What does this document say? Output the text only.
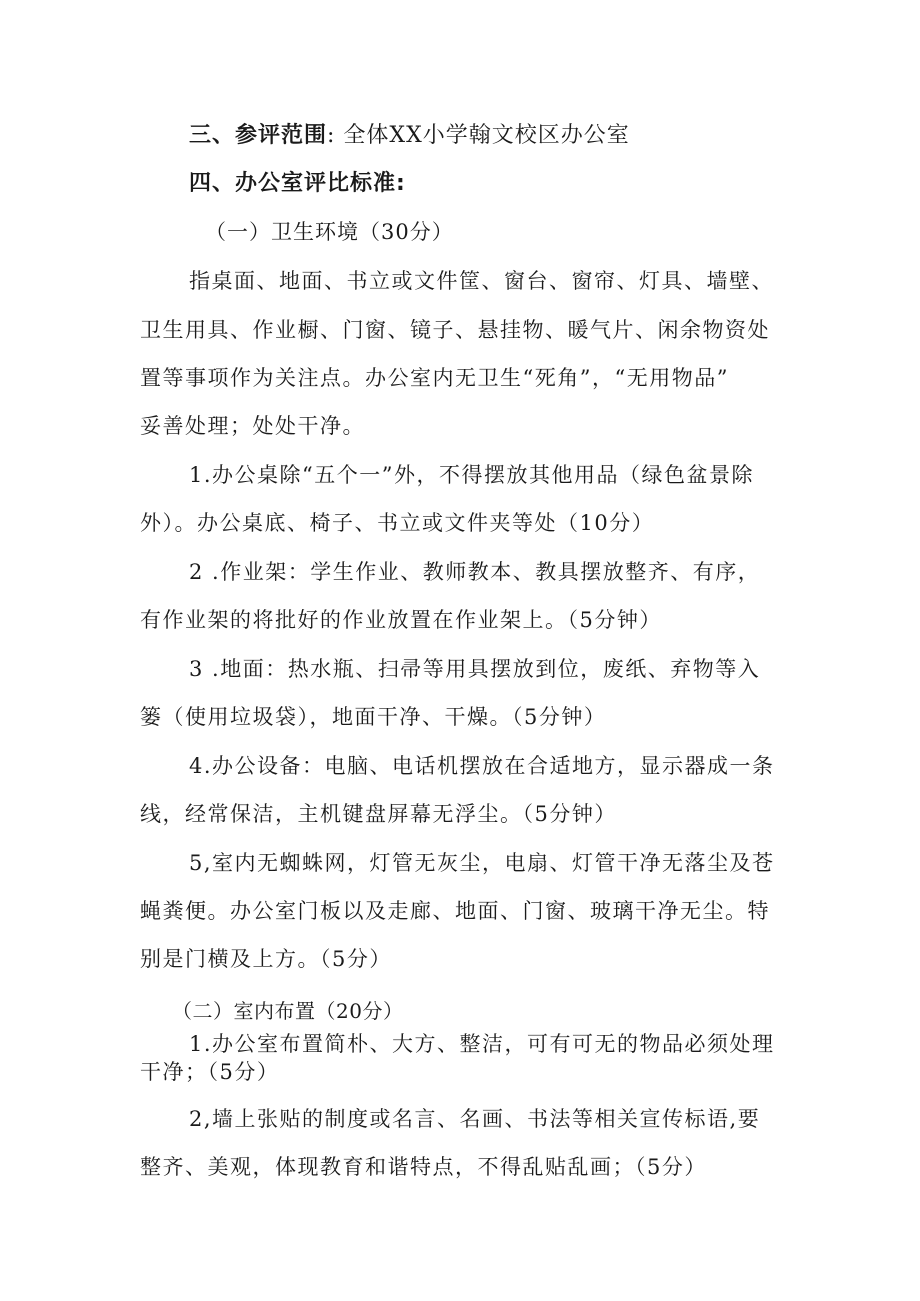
三、参评范围: 全体XX小学翰文校区办公室
四、办公室评比标准:
（一）卫生环境（30分）
指桌面、地面、书立或文件筐、窗台、窗帘、灯具、墙壁、
卫生用具、作业橱、门窗、镜子、悬挂物、暖气片、闲余物资处
置等事项作为关注点。办公室内无卫生“死角”，“无用物品”
妥善处理；处处干净。
1.办公桌除“五个一”外，不得摆放其他用品（绿色盆景除
外）。办公桌底、椅子、书立或文件夹等处（10分）
2 .作业架：学生作业、教师教本、教具摆放整齐、有序，
有作业架的将批好的作业放置在作业架上。（5分钟）
3 .地面：热水瓶、扫帚等用具摆放到位，废纸、弃物等入
篓（使用垃圾袋），地面干净、干燥。（5分钟）
4.办公设备：电脑、电话机摆放在合适地方，显示器成一条
线，经常保洁，主机键盘屏幕无浮尘。（5分钟）
5,室内无蜘蛛网，灯管无灰尘，电扇、灯管干净无落尘及苍
蝇粪便。办公室门板以及走廊、地面、门窗、玻璃干净无尘。特
别是门横及上方。（5分）
（二）室内布置（20分）
1.办公室布置简朴、大方、整洁，可有可无的物品必须处理
干净；（5分）
2,墙上张贴的制度或名言、名画、书法等相关宣传标语,要
整齐、美观，体现教育和谐特点，不得乱贴乱画；（5分）
